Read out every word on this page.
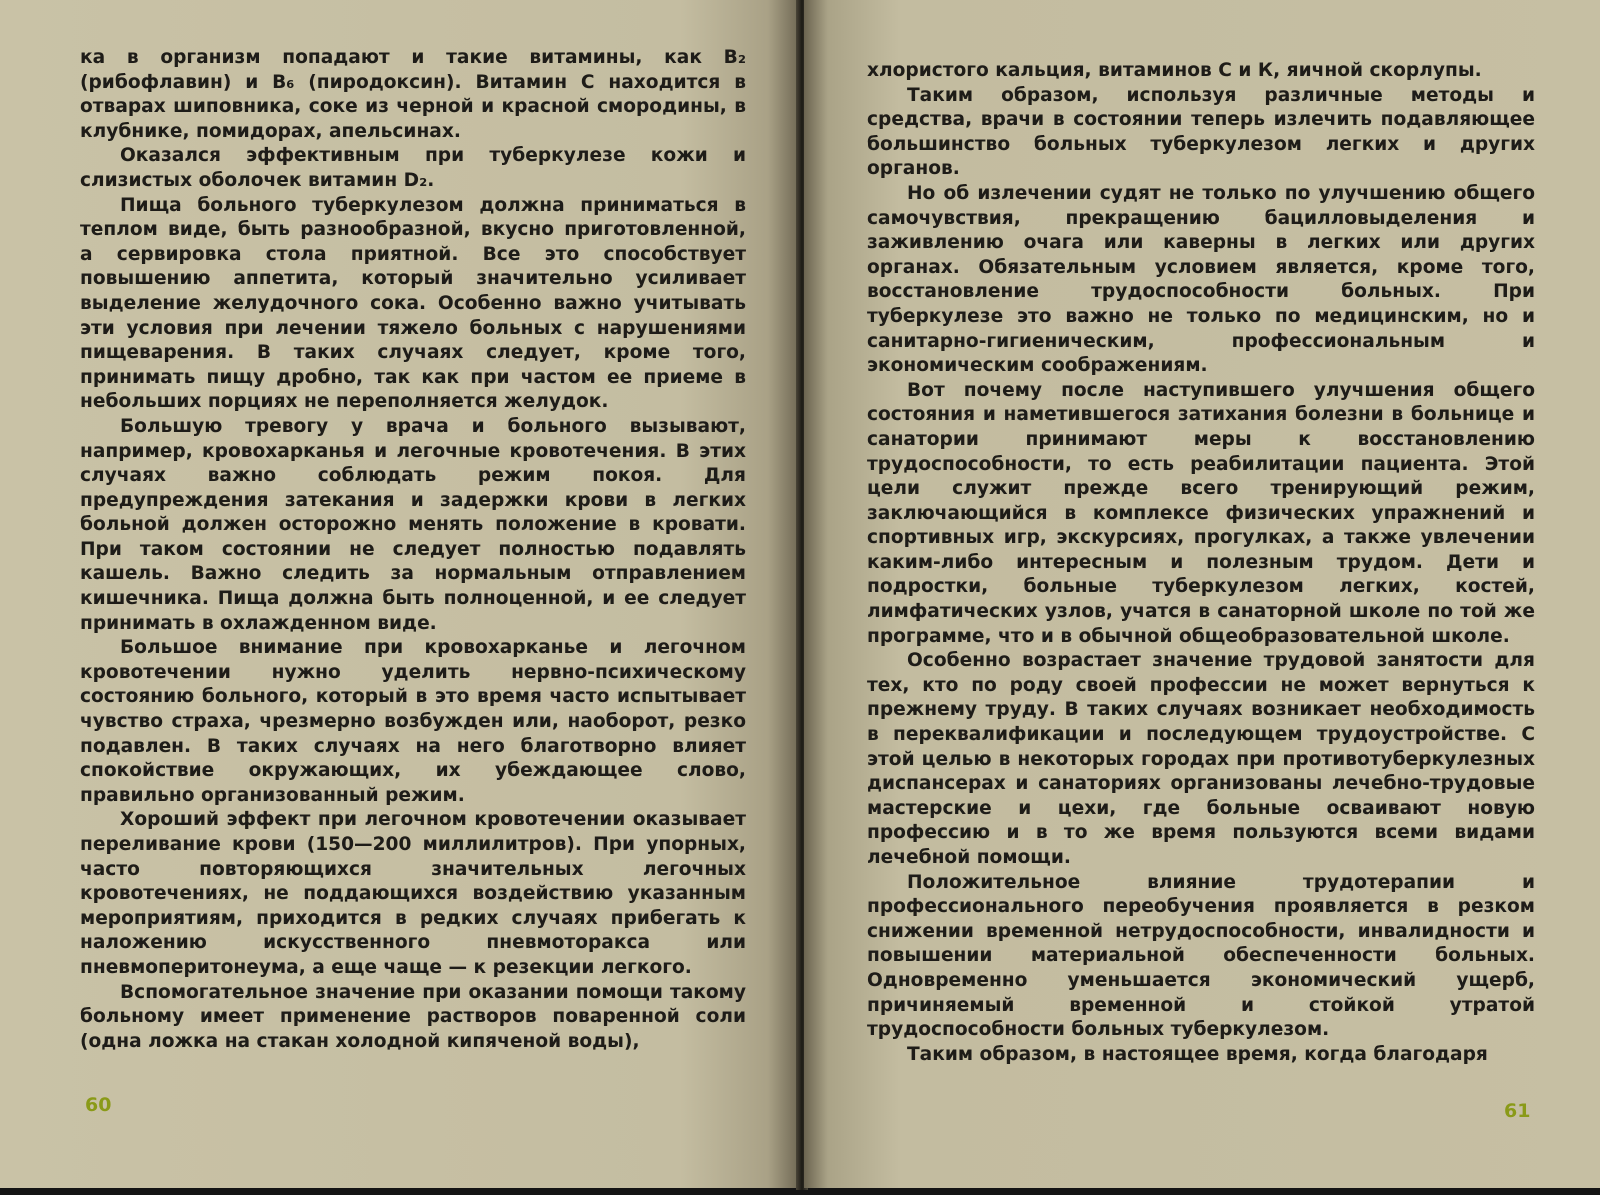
ка в организм попадают и такие витамины, как B₂ (рибофлавин) и B₆ (пиродоксин). Витамин С находится в отварах шиповника, соке из черной и красной смородины, в клубнике, помидорах, апельсинах.

Оказался эффективным при туберкулезе кожи и слизистых оболочек витамин D₂.

Пища больного туберкулезом должна приниматься в теплом виде, быть разнообразной, вкусно приготовленной, а сервировка стола приятной. Все это способствует повышению аппетита, который значительно усиливает выделение желудочного сока. Особенно важно учитывать эти условия при лечении тяжело больных с нарушениями пищеварения. В таких случаях следует, кроме того, принимать пищу дробно, так как при частом ее приеме в небольших порциях не переполняется желудок.

Большую тревогу у врача и больного вызывают, например, кровохарканья и легочные кровотечения. В этих случаях важно соблюдать режим покоя. Для предупреждения затекания и задержки крови в легких больной должен осторожно менять положение в кровати. При таком состоянии не следует полностью подавлять кашель. Важно следить за нормальным отправлением кишечника. Пища должна быть полноценной, и ее следует принимать в охлажденном виде.

Большое внимание при кровохарканье и легочном кровотечении нужно уделить нервно-психическому состоянию больного, который в это время часто испытывает чувство страха, чрезмерно возбужден или, наоборот, резко подавлен. В таких случаях на него благотворно влияет спокойствие окружающих, их убеждающее слово, правильно организованный режим.

Хороший эффект при легочном кровотечении оказывает переливание крови (150—200 миллилитров). При упорных, часто повторяющихся значительных легочных кровотечениях, не поддающихся воздействию указанным мероприятиям, приходится в редких случаях прибегать к наложению искусственного пневмоторакса или пневмоперитонеума, а еще чаще — к резекции легкого.

Вспомогательное значение при оказании помощи такому больному имеет применение растворов поваренной соли (одна ложка на стакан холодной кипяченой воды),

60

хлористого кальция, витаминов С и К, яичной скорлупы.

Таким образом, используя различные методы и средства, врачи в состоянии теперь излечить подавляющее большинство больных туберкулезом легких и других органов.

Но об излечении судят не только по улучшению общего самочувствия, прекращению бацилловыделения и заживлению очага или каверны в легких или других органах. Обязательным условием является, кроме того, восстановление трудоспособности больных. При туберкулезе это важно не только по медицинским, но и санитарно-гигиеническим, профессиональным и экономическим соображениям.

Вот почему после наступившего улучшения общего состояния и наметившегося затихания болезни в больнице и санатории принимают меры к восстановлению трудоспособности, то есть реабилитации пациента. Этой цели служит прежде всего тренирующий режим, заключающийся в комплексе физических упражнений и спортивных игр, экскурсиях, прогулках, а также увлечении каким-либо интересным и полезным трудом. Дети и подростки, больные туберкулезом легких, костей, лимфатических узлов, учатся в санаторной школе по той же программе, что и в обычной общеобразовательной школе.

Особенно возрастает значение трудовой занятости для тех, кто по роду своей профессии не может вернуться к прежнему труду. В таких случаях возникает необходимость в переквалификации и последующем трудоустройстве. С этой целью в некоторых городах при противотуберкулезных диспансерах и санаториях организованы лечебно-трудовые мастерские и цехи, где больные осваивают новую профессию и в то же время пользуются всеми видами лечебной помощи.

Положительное влияние трудотерапии и профессионального переобучения проявляется в резком снижении временной нетрудоспособности, инвалидности и повышении материальной обеспеченности больных. Одновременно уменьшается экономический ущерб, причиняемый временной и стойкой утратой трудоспособности больных туберкулезом.

Таким образом, в настоящее время, когда благодаря

61
